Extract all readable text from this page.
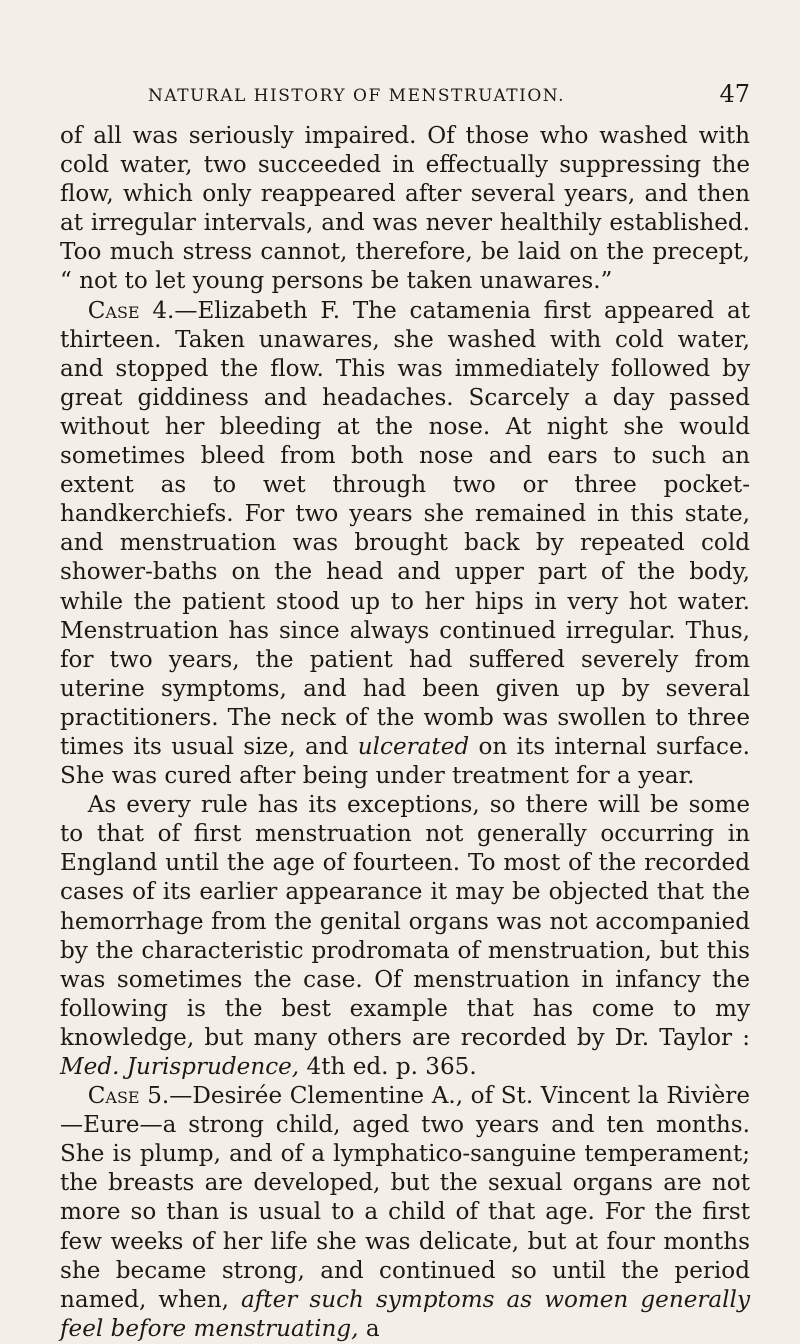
NATURAL HISTORY OF MENSTRUATION.	47

of all was seriously impaired. Of those who washed with cold water, two succeeded in effectually suppressing the flow, which only reappeared after several years, and then at irregular intervals, and was never healthily established. Too much stress cannot, therefore, be laid on the precept, “ not to let young persons be taken unawares.”

Case 4.—Elizabeth F. The catamenia first appeared at thirteen. Taken unawares, she washed with cold water, and stopped the flow. This was immediately followed by great giddiness and headaches. Scarcely a day passed without her bleeding at the nose. At night she would sometimes bleed from both nose and ears to such an extent as to wet through two or three pocket-handkerchiefs. For two years she remained in this state, and menstruation was brought back by repeated cold shower-baths on the head and upper part of the body, while the patient stood up to her hips in very hot water. Menstruation has since always continued irregular. Thus, for two years, the patient had suffered severely from uterine symptoms, and had been given up by several practitioners. The neck of the womb was swollen to three times its usual size, and ulcerated on its internal surface. She was cured after being under treatment for a year.

As every rule has its exceptions, so there will be some to that of first menstruation not generally occurring in England until the age of fourteen. To most of the recorded cases of its earlier appearance it may be objected that the hemorrhage from the genital organs was not accompanied by the characteristic prodromata of menstruation, but this was sometimes the case. Of menstruation in infancy the following is the best example that has come to my knowledge, but many others are recorded by Dr. Taylor : Med. Jurisprudence, 4th ed. p. 365.

Case 5.—Desirée Clementine A., of St. Vincent la Rivière —Eure—a strong child, aged two years and ten months. She is plump, and of a lymphatico-sanguine temperament; the breasts are developed, but the sexual organs are not more so than is usual to a child of that age. For the first few weeks of her life she was delicate, but at four months she became strong, and continued so until the period named, when, after such symptoms as women generally feel before menstruating, a
